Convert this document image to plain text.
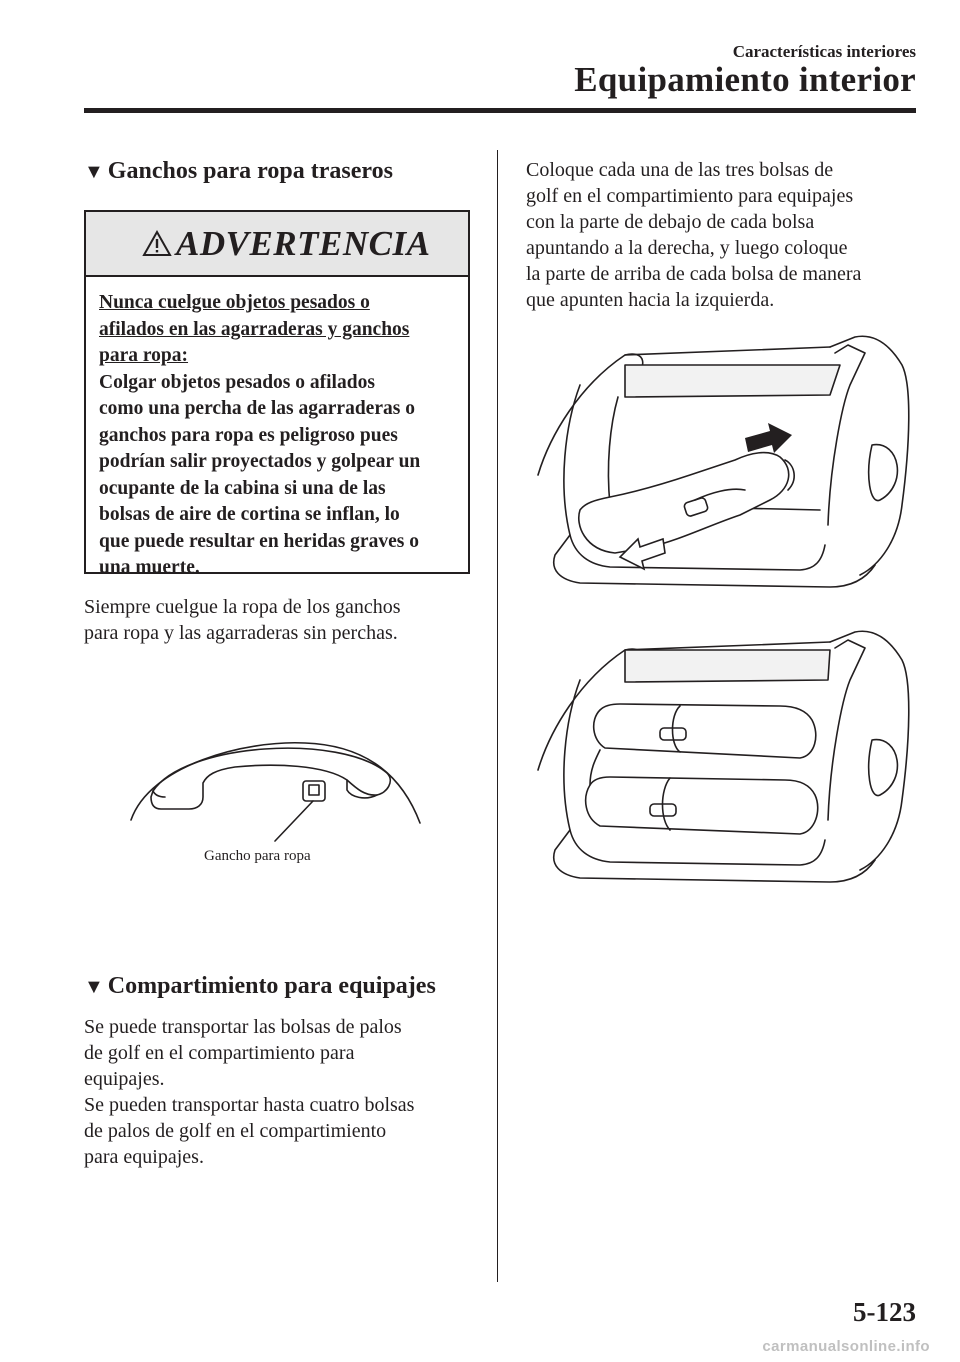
Características interiores
Equipamiento interior
▼ Ganchos para ropa traseros
ADVERTENCIA
Nunca cuelgue objetos pesados o
afilados en las agarraderas y ganchos
para ropa:
Colgar objetos pesados o afilados
como una percha de las agarraderas o
ganchos para ropa es peligroso pues
podrían salir proyectados y golpear un
ocupante de la cabina si una de las
bolsas de aire de cortina se inflan, lo
que puede resultar en heridas graves o
una muerte.
Siempre cuelgue la ropa de los ganchos
para ropa y las agarraderas sin perchas.
Gancho para ropa
▼ Compartimiento para equipajes
Se puede transportar las bolsas de palos
de golf en el compartimiento para
equipajes.
Se pueden transportar hasta cuatro bolsas
de palos de golf en el compartimiento
para equipajes.
Coloque cada una de las tres bolsas de
golf en el compartimiento para equipajes
con la parte de debajo de cada bolsa
apuntando a la derecha, y luego coloque
la parte de arriba de cada bolsa de manera
que apunten hacia la izquierda.
5-123
carmanualsonline.info
